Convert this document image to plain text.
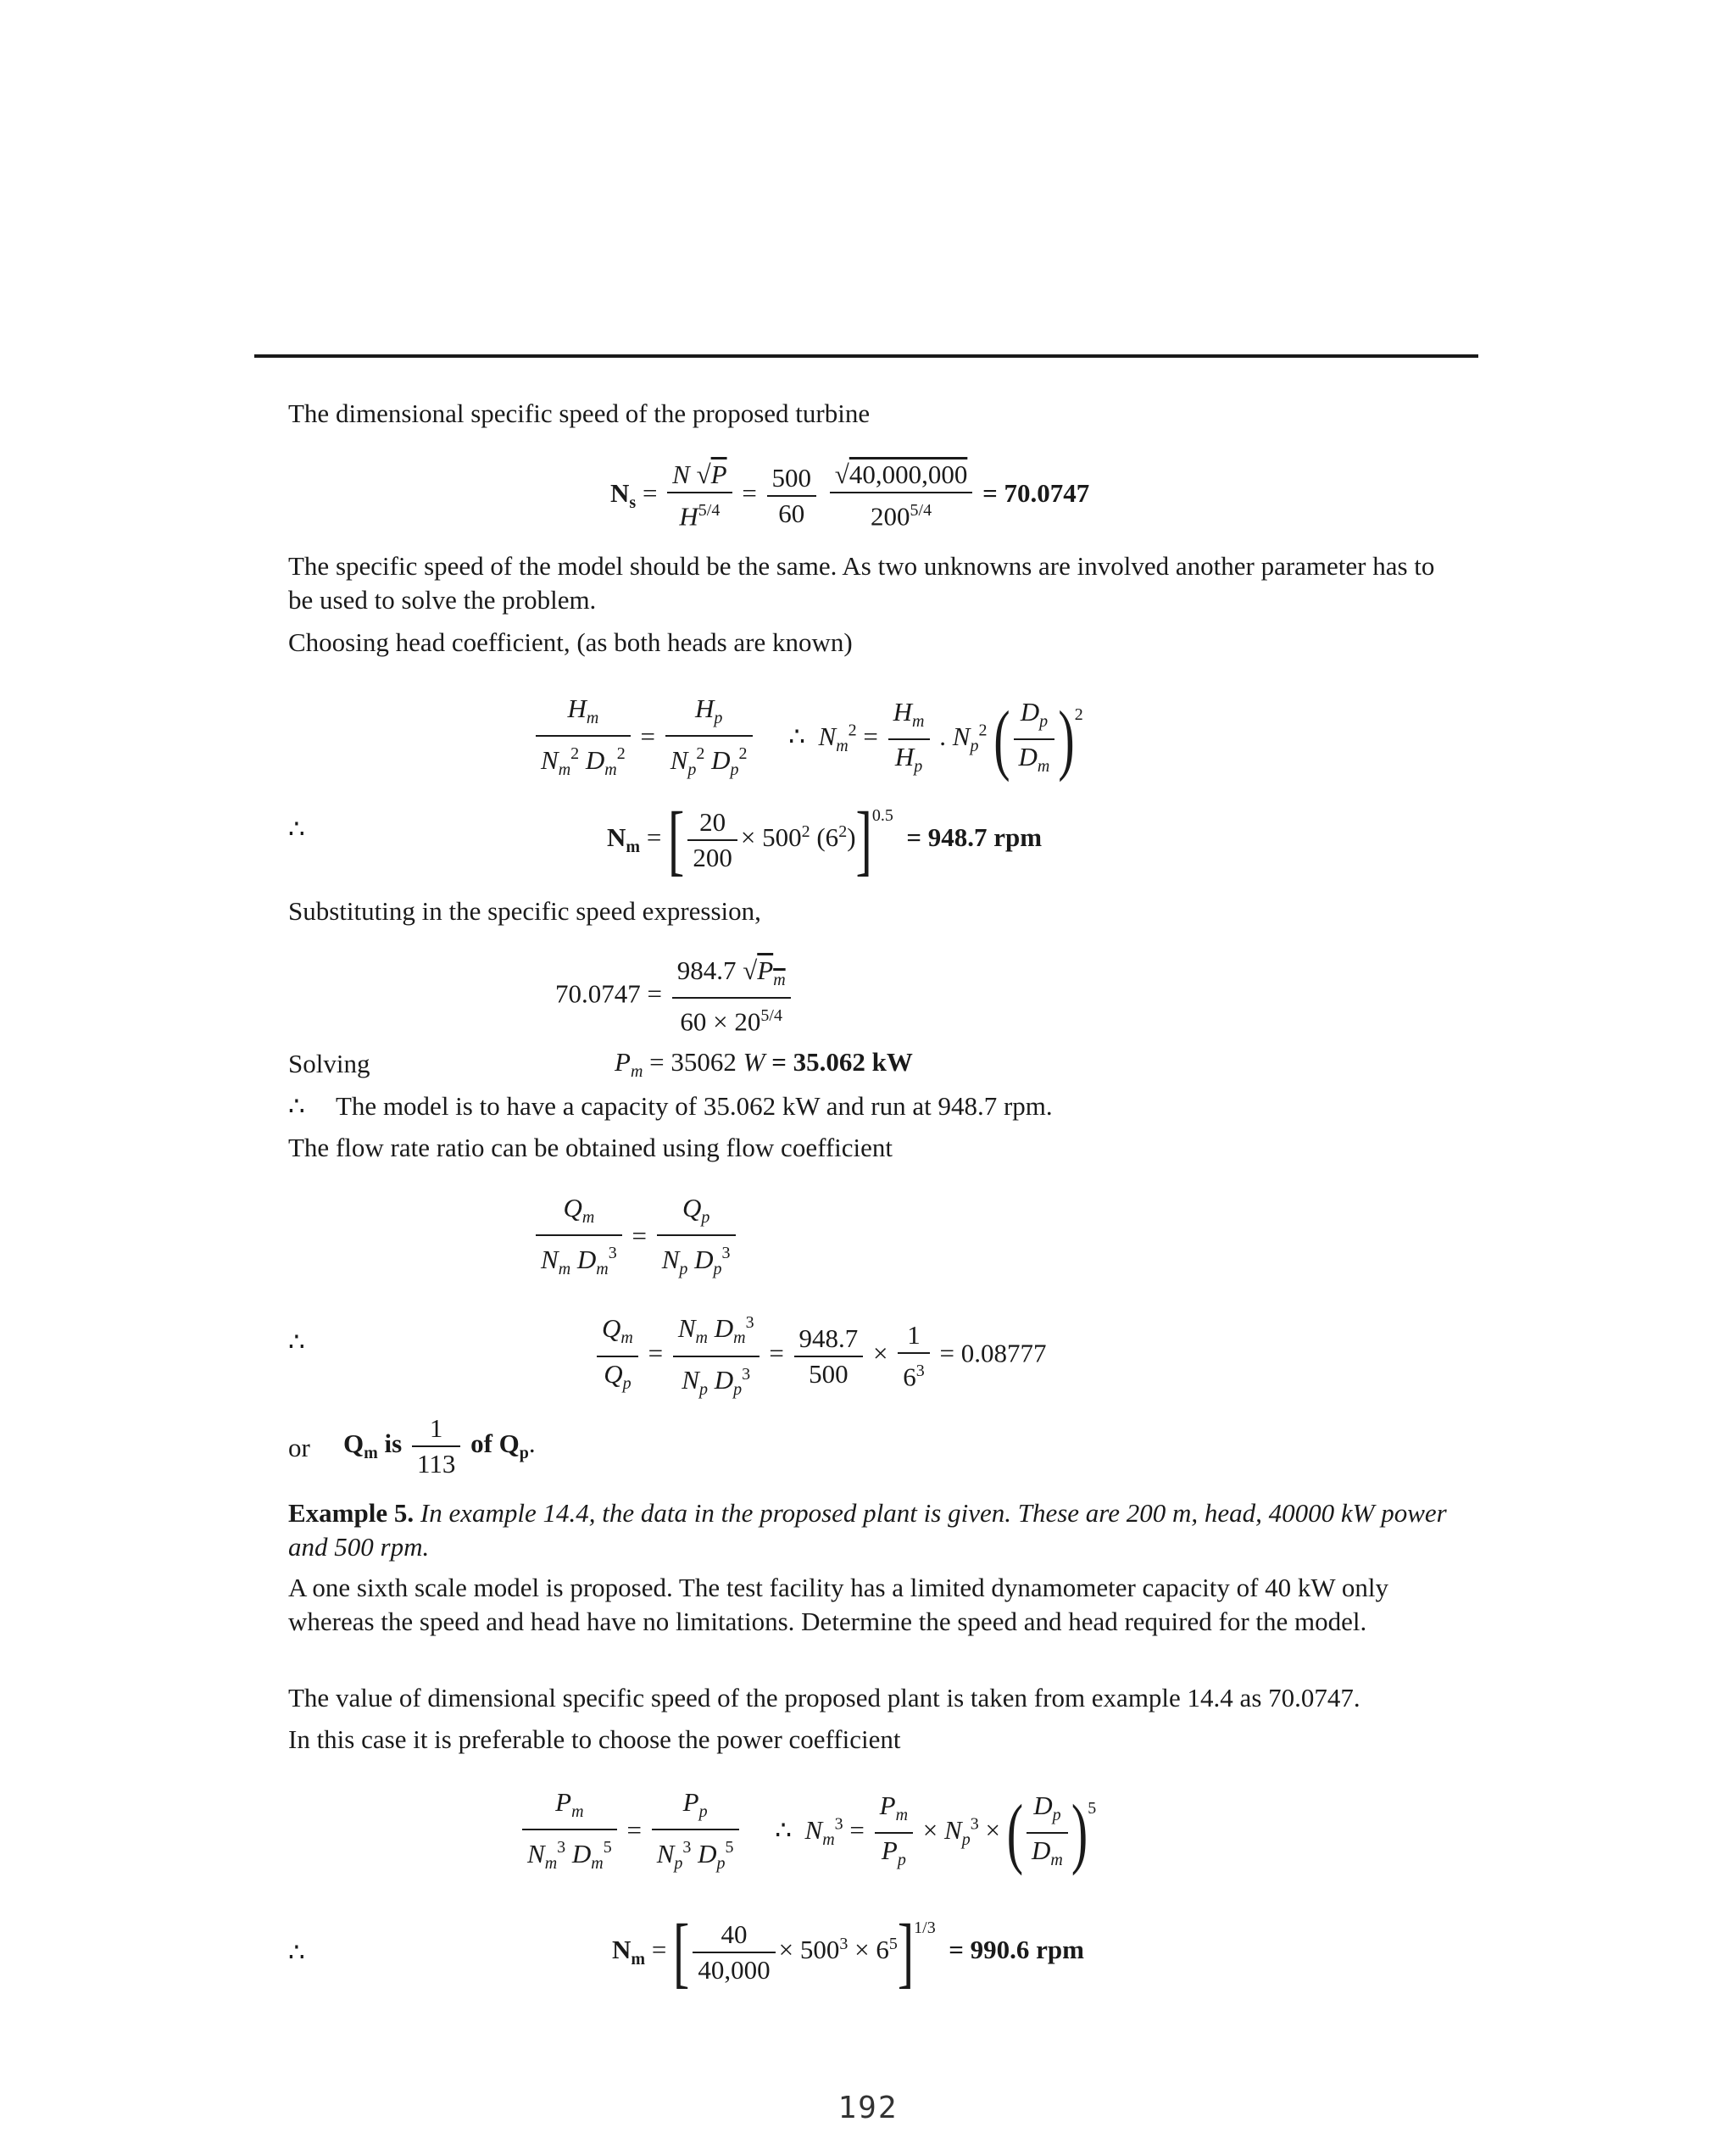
The dimensional specific speed of the proposed turbine
$N_s = \frac{N √P}{H^{5/4}} = \frac{500}{60}$
$\frac{√40,000,000}{200^{5/4}} = 70.0747$
The specific speed of the model should be the same. As two unknowns are involved another parameter has to be used to solve the problem.
Choosing head coefficient, (as both heads are known)
$\frac{H_m}{N_m^2 D_m^2} = \frac{H_p}{N_p^2 D_p^2}$ ∴ $N_m^2 = \frac{H_m}{H_p}$ . $N_p^2$ ( $\frac{D_p}{D_m} )^2$
∴	$N_m$ = [ $\frac{20}{200} \times 500^2$ $(6^2)]^{0.5} = 948.7$ rpm
Substituting in the specific speed expression,
$70.0747 = \frac{984.7 √P_m}{60 \times 20^{5/4}}$
Solving	$P_m = 35062$ W = 35.062 kW
∴ The model is to have a capacity of 35.062 kW and run at 948.7 rpm.
The flow rate ratio can be obtained using flow coefficient
$\frac{Q_m}{N_m D_m^3} = \frac{Q_p}{N_p D_p^3}$
∴	$\frac{Q_m}{Q_p} = \frac{N_m D_m^3}{N_p D_p^3} = \frac{948.7}{500} \times \frac{1}{6^3} = 0.08777$
or $Q_m$ is $\frac{1}{113}$ of $Q_p$.
Example 5. In example 14.4, the data in the proposed plant is given. These are 200 m, head, 40000 kW power and 500 rpm.
A one sixth scale model is proposed. The test facility has a limited dynamometer capacity of 40 kW only whereas the speed and head have no limitations. Determine the speed and head required for the model.
The value of dimensional specific speed of the proposed plant is taken from example 14.4 as 70.0747.
In this case it is preferable to choose the power coefficient
$\frac{P_m}{N_m^3 D_m^5} = \frac{P_p}{N_p^3 D_p^5}$ ∴ $N_m^3 = \frac{P_m}{P_p} \times N_p^3$ × ( $\frac{D_p}{D_m} )^5$
∴	$N_m$ = [ $\frac{40}{40,000} \times 500^3 \times 6^5]^{1/3} = 990.6$ rpm
192
